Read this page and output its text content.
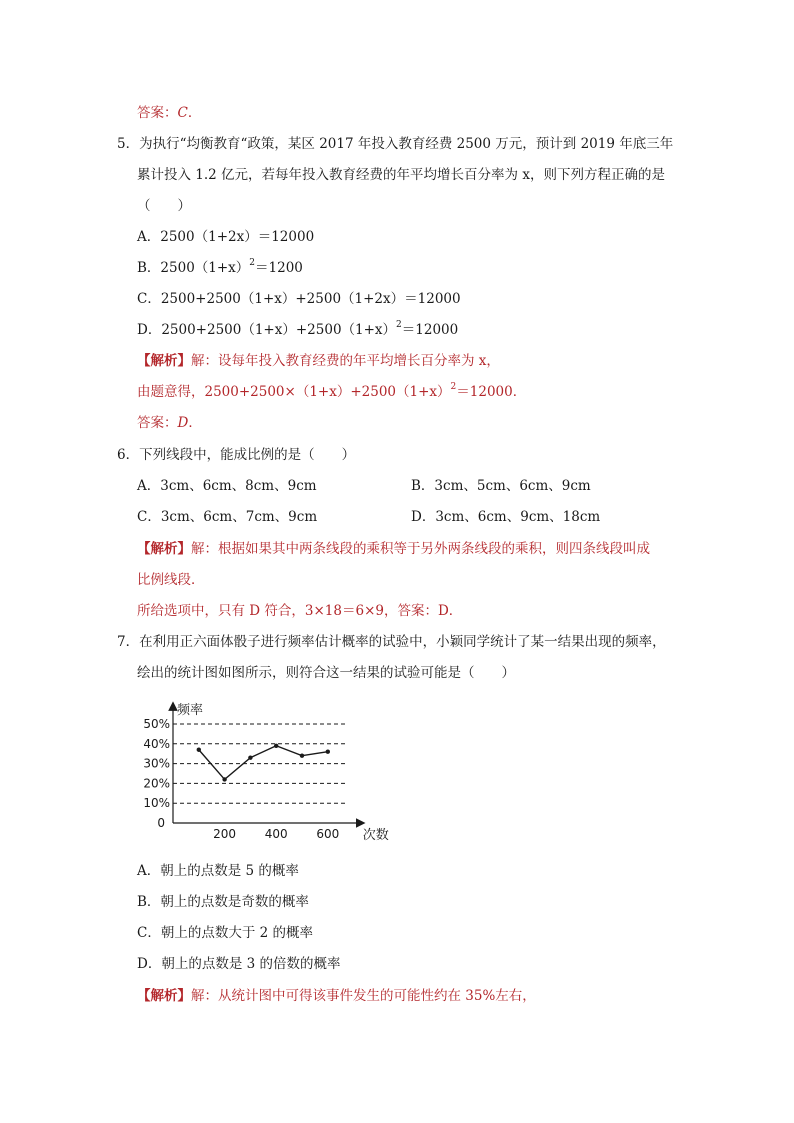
答案：C．
5．为执行“均衡教育“政策，某区 2017 年投入教育经费 2500 万元，预计到 2019 年底三年
累计投入 1.2 亿元，若每年投入教育经费的年平均增长百分率为 x，则下列方程正确的是
（　　）
A．2500（1+2x）＝12000
B．$2500(1+x)^2=1200$
C．2500+2500（1+x）+2500（1+2x）＝12000
D．$2500+2500(1+x)+2500(1+x)^2=12000$
【解析】解：设每年投入教育经费的年平均增长百分率为 x，
由题意得，$2500+2500\times(1+x)+2500(1+x)^2=12000$．
答案：D．
6．下列线段中，能成比例的是（　　）
A．3cm、6cm、8cm、9cm	B．3cm、5cm、6cm、9cm
C．3cm、6cm、7cm、9cm	D．3cm、6cm、9cm、18cm
【解析】解：根据如果其中两条线段的乘积等于另外两条线段的乘积，则四条线段叫成
比例线段．
所给选项中，只有 D 符合，3×18＝6×9，答案：D．
7．在利用正六面体骰子进行频率估计概率的试验中，小颖同学统计了某一结果出现的频率，
绘出的统计图如图所示，则符合这一结果的试验可能是（　　）
10%
20%
30%
40%
50%
0
频率
次数
200 400 600
A．朝上的点数是 5 的概率
B．朝上的点数是奇数的概率
C．朝上的点数大于 2 的概率
D．朝上的点数是 3 的倍数的概率
【解析】解：从统计图中可得该事件发生的可能性约在 35%左右，
